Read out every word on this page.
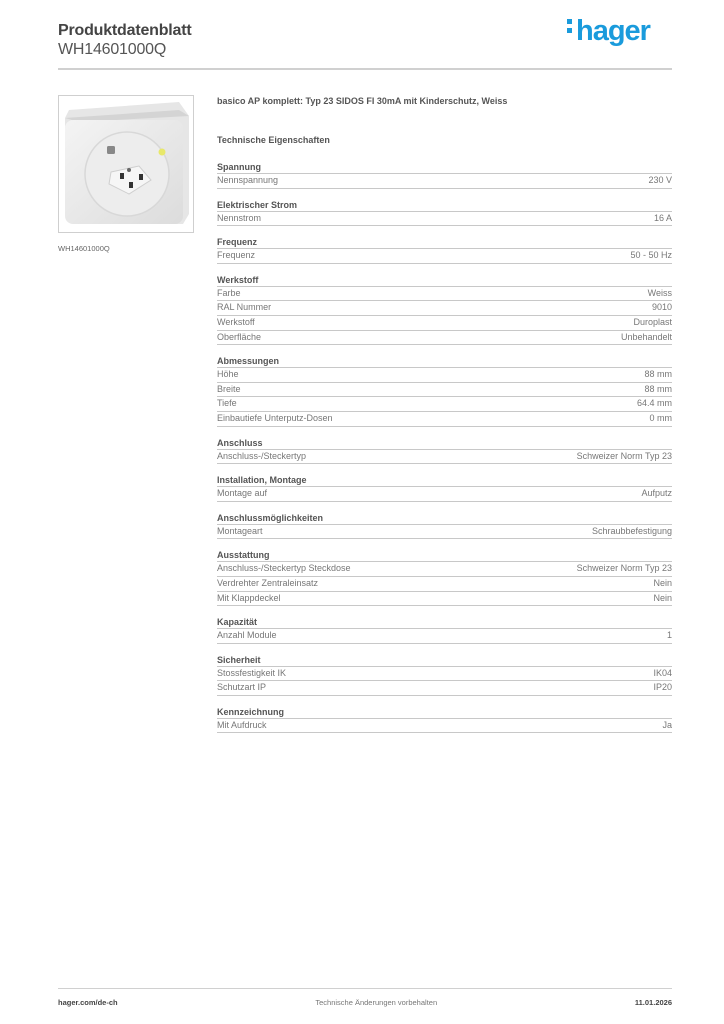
Produktdatenblatt
WH14601000Q
hager
WH14601000Q
basico AP komplett: Typ 23 SIDOS FI 30mA mit Kinderschutz, Weiss
Technische Eigenschaften
Spannung
Nennspannung	230 V
Elektrischer Strom
Nennstrom	16 A
Frequenz
Frequenz	50 - 50 Hz
Werkstoff
Farbe	Weiss
RAL Nummer	9010
Werkstoff	Duroplast
Oberfläche	Unbehandelt
Abmessungen
Höhe	88 mm
Breite	88 mm
Tiefe	64.4 mm
Einbautiefe Unterputz-Dosen	0 mm
Anschluss
Anschluss-/Steckertyp	Schweizer Norm Typ 23
Installation, Montage
Montage auf	Aufputz
Anschlussmöglichkeiten
Montageart	Schraubbefestigung
Ausstattung
Anschluss-/Steckertyp Steckdose	Schweizer Norm Typ 23
Verdrehter Zentraleinsatz	Nein
Mit Klappdeckel	Nein
Kapazität
Anzahl Module	1
Sicherheit
Stossfestigkeit IK	IK04
Schutzart IP	IP20
Kennzeichnung
Mit Aufdruck	Ja
hager.com/de-ch	Technische Änderungen vorbehalten	11.01.2026
